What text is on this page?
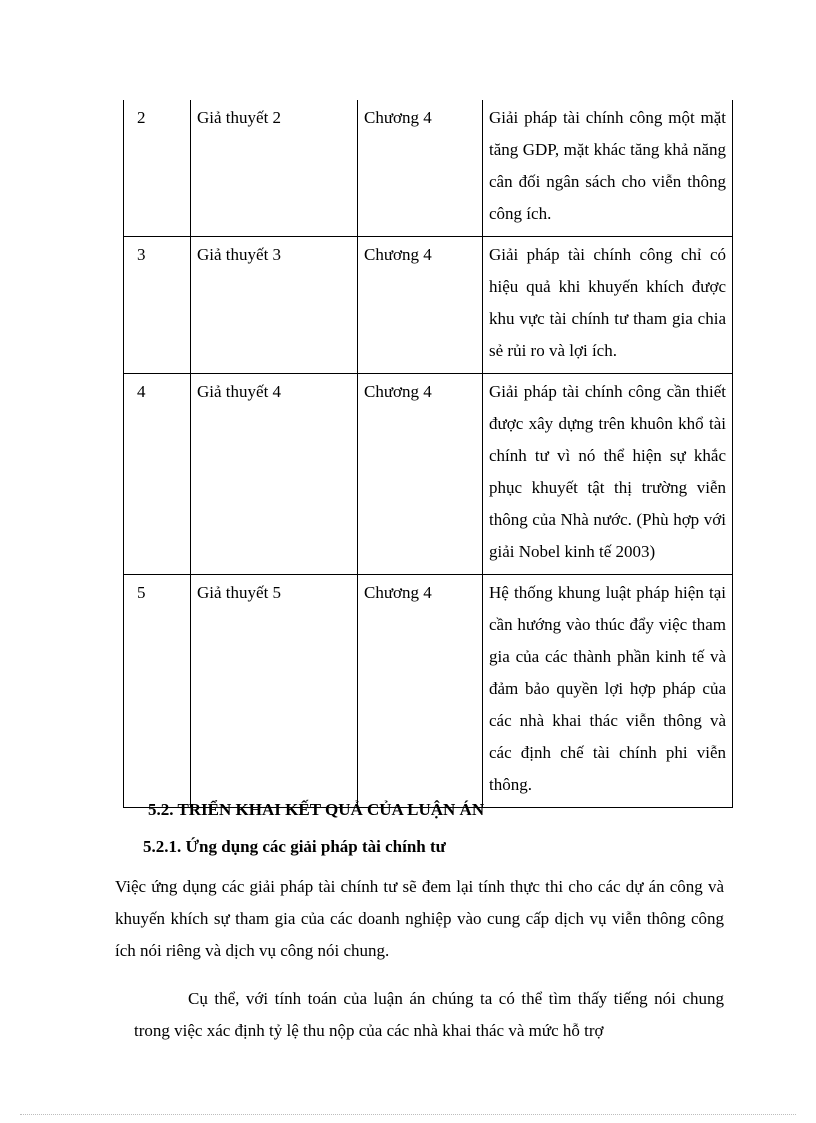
2	Giả thuyết 2	Chương 4	Giải pháp tài chính công một mặt tăng GDP, mặt khác tăng khả năng cân đối ngân sách cho viễn thông công ích.
3	Giả thuyết 3	Chương 4	Giải pháp tài chính công chỉ có hiệu quả khi khuyến khích được khu vực tài chính tư tham gia chia sẻ rủi ro và lợi ích.
4	Giả thuyết 4	Chương 4	Giải pháp tài chính công cần thiết được xây dựng trên khuôn khổ tài chính tư vì nó thể hiện sự khắc phục khuyết tật thị trường viễn thông của Nhà nước. (Phù hợp với giải Nobel kinh tế 2003)
5	Giả thuyết 5	Chương 4	Hệ thống khung luật pháp hiện tại cần hướng vào thúc đẩy việc tham gia của các thành phần kinh tế và đảm bảo quyền lợi hợp pháp của các nhà khai thác viễn thông và các định chế tài chính phi viễn thông.
5.2. TRIỂN KHAI KẾT QUẢ CỦA LUẬN ÁN
5.2.1. Ứng dụng các giải pháp tài chính tư

Việc ứng dụng các giải pháp tài chính tư sẽ đem lại tính thực thi cho các dự án công và khuyến khích sự tham gia của các doanh nghiệp vào cung cấp dịch vụ viễn thông công ích nói riêng và dịch vụ công nói chung.

Cụ thể, với tính toán của luận án chúng ta có thể tìm thấy tiếng nói chung trong việc xác định tỷ lệ thu nộp của các nhà khai thác và mức hỗ trợ
